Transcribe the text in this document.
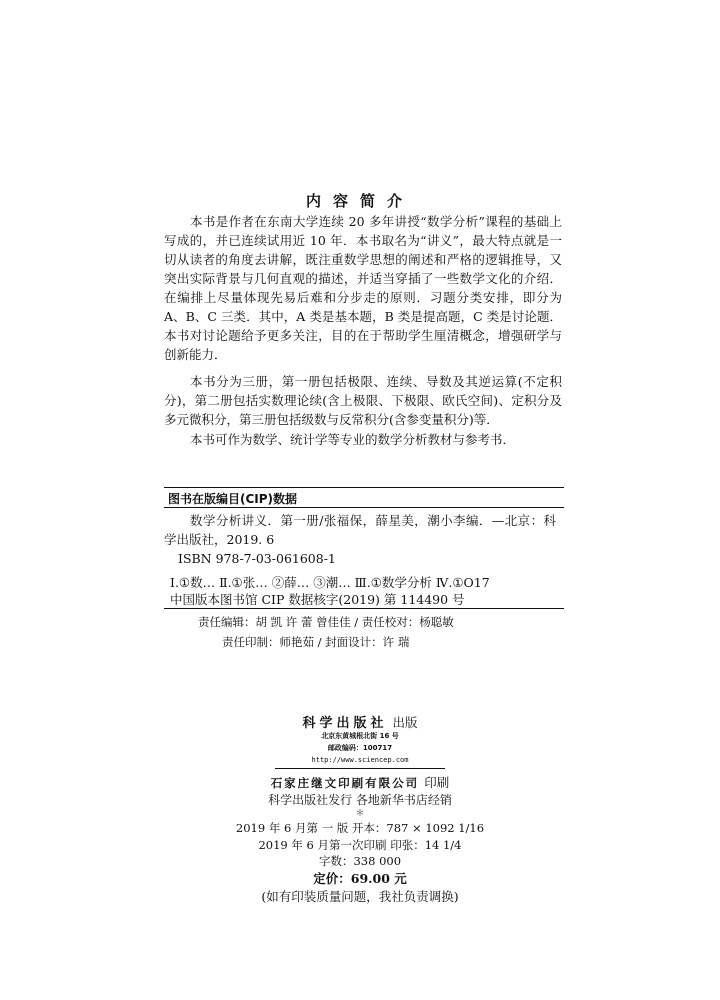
内容简介

本书是作者在东南大学连续 20 多年讲授“数学分析”课程的基础上写成的，并已连续试用近 10 年．本书取名为“讲义”，最大特点就是一切从读者的角度去讲解，既注重数学思想的阐述和严格的逻辑推导，又突出实际背景与几何直观的描述，并适当穿插了一些数学文化的介绍．在编排上尽量体现先易后难和分步走的原则．习题分类安排，即分为 A、B、C 三类．其中，A 类是基本题，B 类是提高题，C 类是讨论题．本书对讨论题给予更多关注，目的在于帮助学生厘清概念，增强研学与创新能力．

本书分为三册，第一册包括极限、连续、导数及其逆运算(不定积分)，第二册包括实数理论续(含上极限、下极限、欧氏空间)、定积分及多元微积分，第三册包括级数与反常积分(含参变量积分)等．

本书可作为数学、统计学等专业的数学分析教材与参考书．

图书在版编目(CIP)数据

数学分析讲义．第一册/张福保，薛星美，潮小李编．—北京：科学出版社，2019. 6

ISBN 978-7-03-061608-1
Ⅰ.①数… Ⅱ.①张… ②薛… ③潮… Ⅲ.①数学分析 Ⅳ.①O17
中国版本图书馆 CIP 数据核字(2019) 第 114490 号
责任编辑：胡 凯 许 蕾 曾佳佳 / 责任校对：杨聪敏
责任印制：师艳茹 / 封面设计：许 瑞
科学出版社 出版
北京东黄城根北街 16 号
邮政编码：100717
http://www.sciencep.com
石家庄继文印刷有限公司 印刷
科学出版社发行 各地新华书店经销
＊
2019 年 6 月第 一 版 开本：787 × 1092 1/16
2019 年 6 月第一次印刷 印张：14 1/4
字数：338 000
定价：69.00 元
(如有印装质量问题，我社负责调换)
